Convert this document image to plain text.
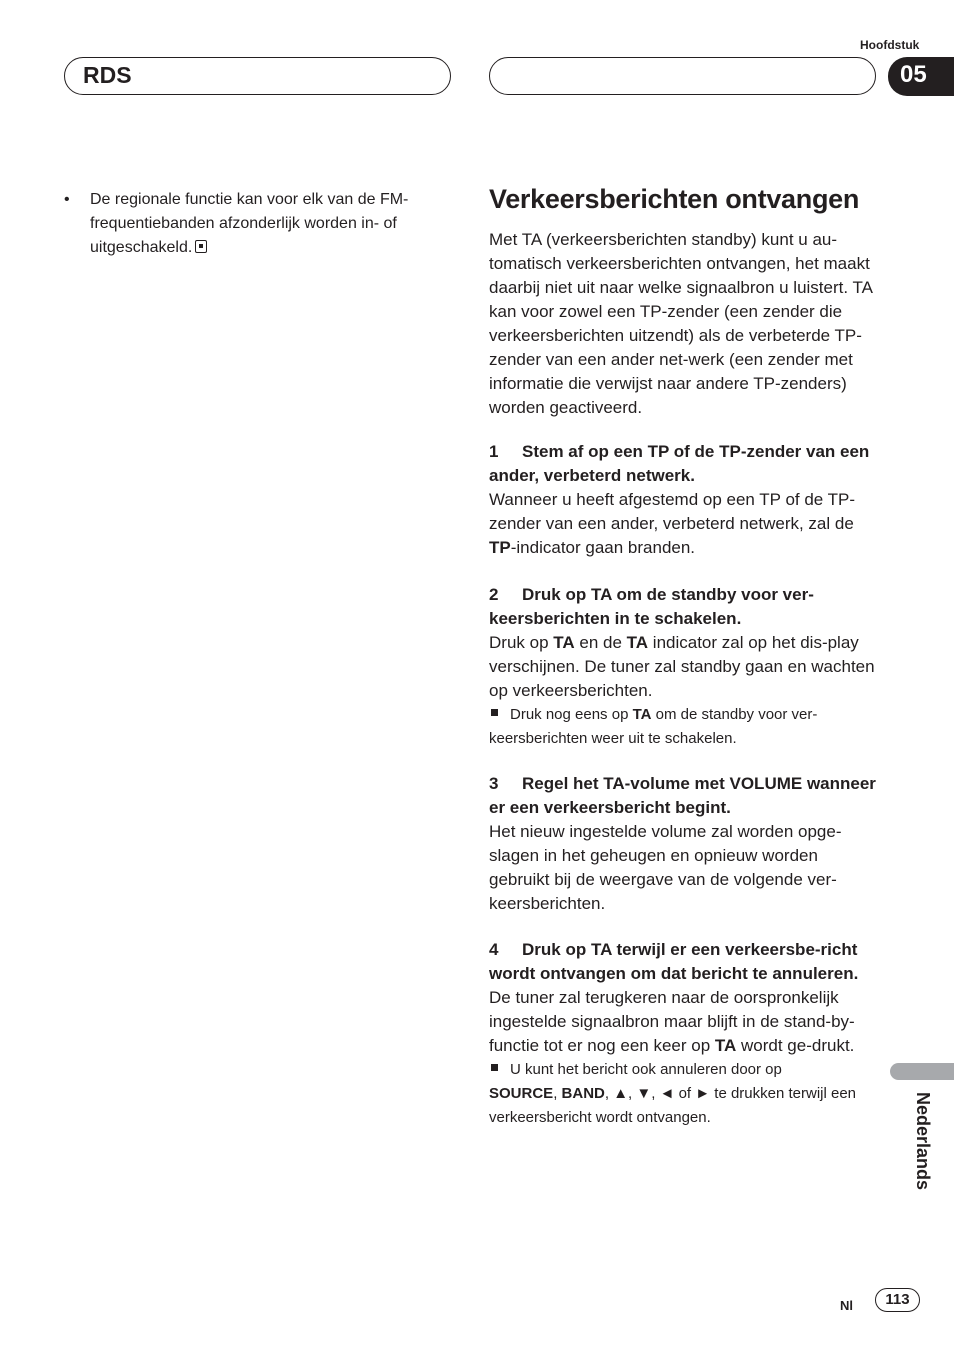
Hoofdstuk
RDS	05
• De regionale functie kan voor elk van de FM-frequentiebanden afzonderlijk worden in- of uitgeschakeld.
Verkeersberichten ontvangen
Met TA (verkeersberichten standby) kunt u au-tomatisch verkeersberichten ontvangen, het maakt daarbij niet uit naar welke signaalbron u luistert. TA kan voor zowel een TP-zender (een zender die verkeersberichten uitzendt) als de verbeterde TP-zender van een ander net-werk (een zender met informatie die verwijst naar andere TP-zenders) worden geactiveerd.
1 Stem af op een TP of de TP-zender van een ander, verbeterd netwerk.
Wanneer u heeft afgestemd op een TP of de TP-zender van een ander, verbeterd netwerk, zal de TP-indicator gaan branden.
2 Druk op TA om de standby voor ver-keersberichten in te schakelen.
Druk op TA en de TA indicator zal op het dis-play verschijnen. De tuner zal standby gaan en wachten op verkeersberichten.
Druk nog eens op TA om de standby voor ver-keersberichten weer uit te schakelen.
3 Regel het TA-volume met VOLUME wanneer er een verkeersbericht begint.
Het nieuw ingestelde volume zal worden opge-slagen in het geheugen en opnieuw worden gebruikt bij de weergave van de volgende ver-keersberichten.
4 Druk op TA terwijl er een verkeersbe-richt wordt ontvangen om dat bericht te annuleren.
De tuner zal terugkeren naar de oorspronkelijk ingestelde signaalbron maar blijft in de stand-by-functie tot er nog een keer op TA wordt ge-drukt.
U kunt het bericht ook annuleren door op
SOURCE, BAND, ▲, ▼, ◄ of ► te drukken terwijl een verkeersbericht wordt ontvangen.	Nederlands
Nl	113
